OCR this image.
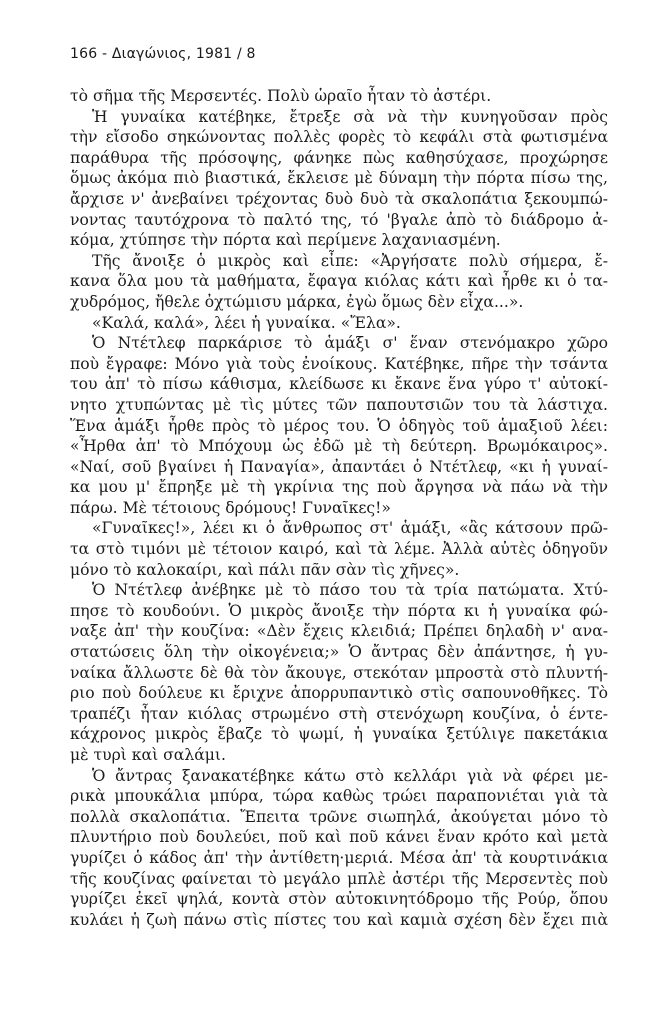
166 - Διαγώνιος, 1981 / 8
τὸ σῆμα τῆς Μερσεντές. Πολὺ ὡραῖο ἦταν τὸ ἀστέρι.
Ἡ γυναίκα κατέβηκε, ἔτρεξε σὰ νὰ τὴν κυνηγοῦσαν πρὸς
τὴν εἴσοδο σηκώνοντας πολλὲς φορὲς τὸ κεφάλι στὰ φωτισμένα
παράθυρα τῆς πρόσοψης, φάνηκε πὼς καθησύχασε, προχώρησε
ὅμως ἀκόμα πιὸ βιαστικά, ἔκλεισε μὲ δύναμη τὴν πόρτα πίσω της,
ἄρχισε ν' ἀνεβαίνει τρέχοντας δυὸ δυὸ τὰ σκαλοπάτια ξεκουμπώ-
νοντας ταυτόχρονα τὸ παλτό της, τό 'βγαλε ἀπὸ τὸ διάδρομο ἀ-
κόμα, χτύπησε τὴν πόρτα καὶ περίμενε λαχανιασμένη.
Τῆς ἄνοιξε ὁ μικρὸς καὶ εἶπε: «Ἀργήσατε πολὺ σήμερα, ἔ-
κανα ὅλα μου τὰ μαθήματα, ἔφαγα κιόλας κάτι καὶ ἦρθε κι ὁ τα-
χυδρόμος, ἤθελε ὀχτώμισυ μάρκα, ἐγὼ ὅμως δὲν εἶχα...».
«Καλά, καλά», λέει ἡ γυναίκα. «Ἔλα».
Ὁ Ντέτλεφ παρκάρισε τὸ ἁμάξι σ' ἕναν στενόμακρο χῶρο
ποὺ ἔγραφε: Μόνο γιὰ τοὺς ἐνοίκους. Κατέβηκε, πῆρε τὴν τσάντα
του ἀπ' τὸ πίσω κάθισμα, κλείδωσε κι ἔκανε ἕνα γύρο τ' αὐτοκί-
νητο χτυπώντας μὲ τὶς μύτες τῶν παπουτσιῶν του τὰ λάστιχα.
Ἕνα ἁμάξι ἦρθε πρὸς τὸ μέρος του. Ὁ ὁδηγὸς τοῦ ἁμαξιοῦ λέει:
«Ἦρθα ἀπ' τὸ Μπόχουμ ὡς ἐδῶ μὲ τὴ δεύτερη. Βρωμόκαιρος».
«Ναί, σοῦ βγαίνει ἡ Παναγία», ἀπαντάει ὁ Ντέτλεφ, «κι ἡ γυναί-
κα μου μ' ἔπρηξε μὲ τὴ γκρίνια της ποὺ ἄργησα νὰ πάω νὰ τὴν
πάρω. Μὲ τέτοιους δρόμους! Γυναῖκες!»
«Γυναῖκες!», λέει κι ὁ ἄνθρωπος στ' ἁμάξι, «ἂς κάτσουν πρῶ-
τα στὸ τιμόνι μὲ τέτοιον καιρό, καὶ τὰ λέμε. Ἀλλὰ αὐτὲς ὁδηγοῦν
μόνο τὸ καλοκαίρι, καὶ πάλι πᾶν σὰν τὶς χῆνες».
Ὁ Ντέτλεφ ἀνέβηκε μὲ τὸ πάσο του τὰ τρία πατώματα. Χτύ-
πησε τὸ κουδούνι. Ὁ μικρὸς ἄνοιξε τὴν πόρτα κι ἡ γυναίκα φώ-
ναξε ἀπ' τὴν κουζίνα: «Δὲν ἔχεις κλειδιά; Πρέπει δηλαδὴ ν' ανα-
στατώσεις ὅλη τὴν οἰκογένεια;» Ὁ ἄντρας δὲν ἀπάντησε, ἡ γυ-
ναίκα ἄλλωστε δὲ θὰ τὸν ἄκουγε, στεκόταν μπροστὰ στὸ πλυντή-
ριο ποὺ δούλευε κι ἔριχνε ἀπορρυπαντικὸ στὶς σαπουνοθῆκες. Τὸ
τραπέζι ἦταν κιόλας στρωμένο στὴ στενόχωρη κουζίνα, ὁ έντε-
κάχρονος μικρὸς ἔβαζε τὸ ψωμί, ἡ γυναίκα ξετύλιγε πακετάκια
μὲ τυρὶ καὶ σαλάμι.
Ὁ ἄντρας ξανακατέβηκε κάτω στὸ κελλάρι γιὰ νὰ φέρει με-
ρικὰ μπουκάλια μπύρα, τώρα καθὼς τρώει παραπονιέται γιὰ τὰ
πολλὰ σκαλοπάτια. Ἔπειτα τρῶνε σιωπηλά, ἀκούγεται μόνο τὸ
πλυντήριο ποὺ δουλεύει, ποῦ καὶ ποῦ κάνει ἕναν κρότο καὶ μετὰ
γυρίζει ὁ κάδος ἀπ' τὴν ἀντίθετη·μεριά. Μέσα ἀπ' τὰ κουρτινάκια
τῆς κουζίνας φαίνεται τὸ μεγάλο μπλὲ ἀστέρι τῆς Μερσεντὲς ποὺ
γυρίζει ἐκεῖ ψηλά, κοντὰ στὸν αὐτοκινητόδρομο τῆς Ρούρ, ὅπου
κυλάει ἡ ζωὴ πάνω στὶς πίστες του καὶ καμιὰ σχέση δὲν ἔχει πιὰ
